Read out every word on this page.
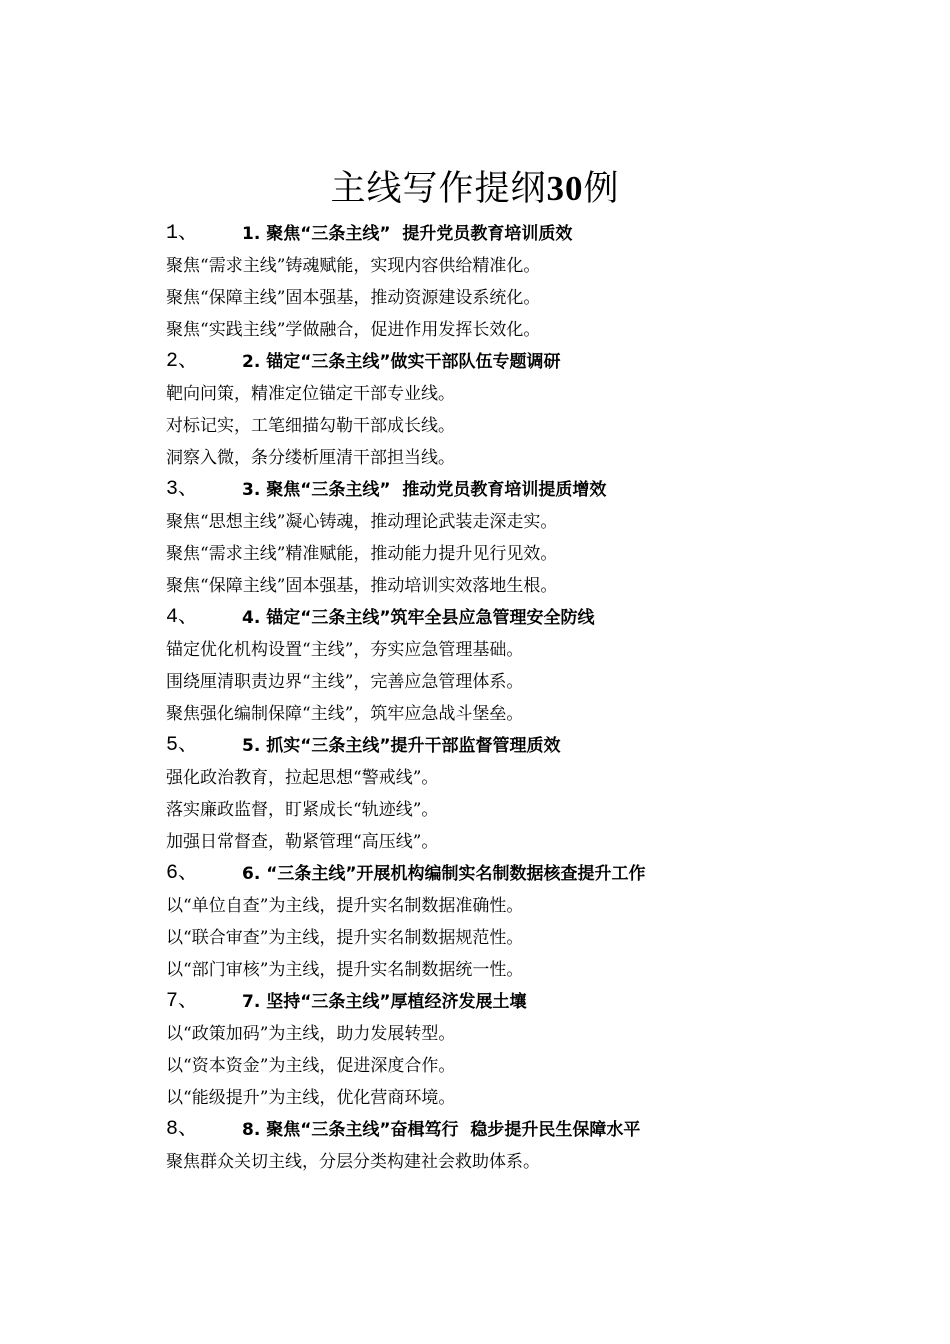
主线写作提纲30例
1、	1. 聚焦“三条主线”  提升党员教育培训质效
聚焦“需求主线”铸魂赋能，实现内容供给精准化。
聚焦“保障主线”固本强基，推动资源建设系统化。
聚焦“实践主线”学做融合，促进作用发挥长效化。
2、	2. 锚定“三条主线”做实干部队伍专题调研
靶向问策，精准定位锚定干部专业线。
对标记实，工笔细描勾勒干部成长线。
洞察入微，条分缕析厘清干部担当线。
3、	3. 聚焦“三条主线”  推动党员教育培训提质增效
聚焦“思想主线”凝心铸魂，推动理论武装走深走实。
聚焦“需求主线”精准赋能，推动能力提升见行见效。
聚焦“保障主线”固本强基，推动培训实效落地生根。
4、	4. 锚定“三条主线”筑牢全县应急管理安全防线
锚定优化机构设置“主线”，夯实应急管理基础。
围绕厘清职责边界“主线”，完善应急管理体系。
聚焦强化编制保障“主线”，筑牢应急战斗堡垒。
5、	5. 抓实“三条主线”提升干部监督管理质效
强化政治教育，拉起思想“警戒线”。
落实廉政监督，盯紧成长“轨迹线”。
加强日常督查，勒紧管理“高压线”。
6、	6. “三条主线”开展机构编制实名制数据核查提升工作
以“单位自查”为主线，提升实名制数据准确性。
以“联合审查”为主线，提升实名制数据规范性。
以“部门审核”为主线，提升实名制数据统一性。
7、	7. 坚持“三条主线”厚植经济发展土壤
以“政策加码”为主线，助力发展转型。
以“资本资金”为主线，促进深度合作。
以“能级提升”为主线，优化营商环境。
8、	8. 聚焦“三条主线”奋楫笃行  稳步提升民生保障水平
聚焦群众关切主线，分层分类构建社会救助体系。
